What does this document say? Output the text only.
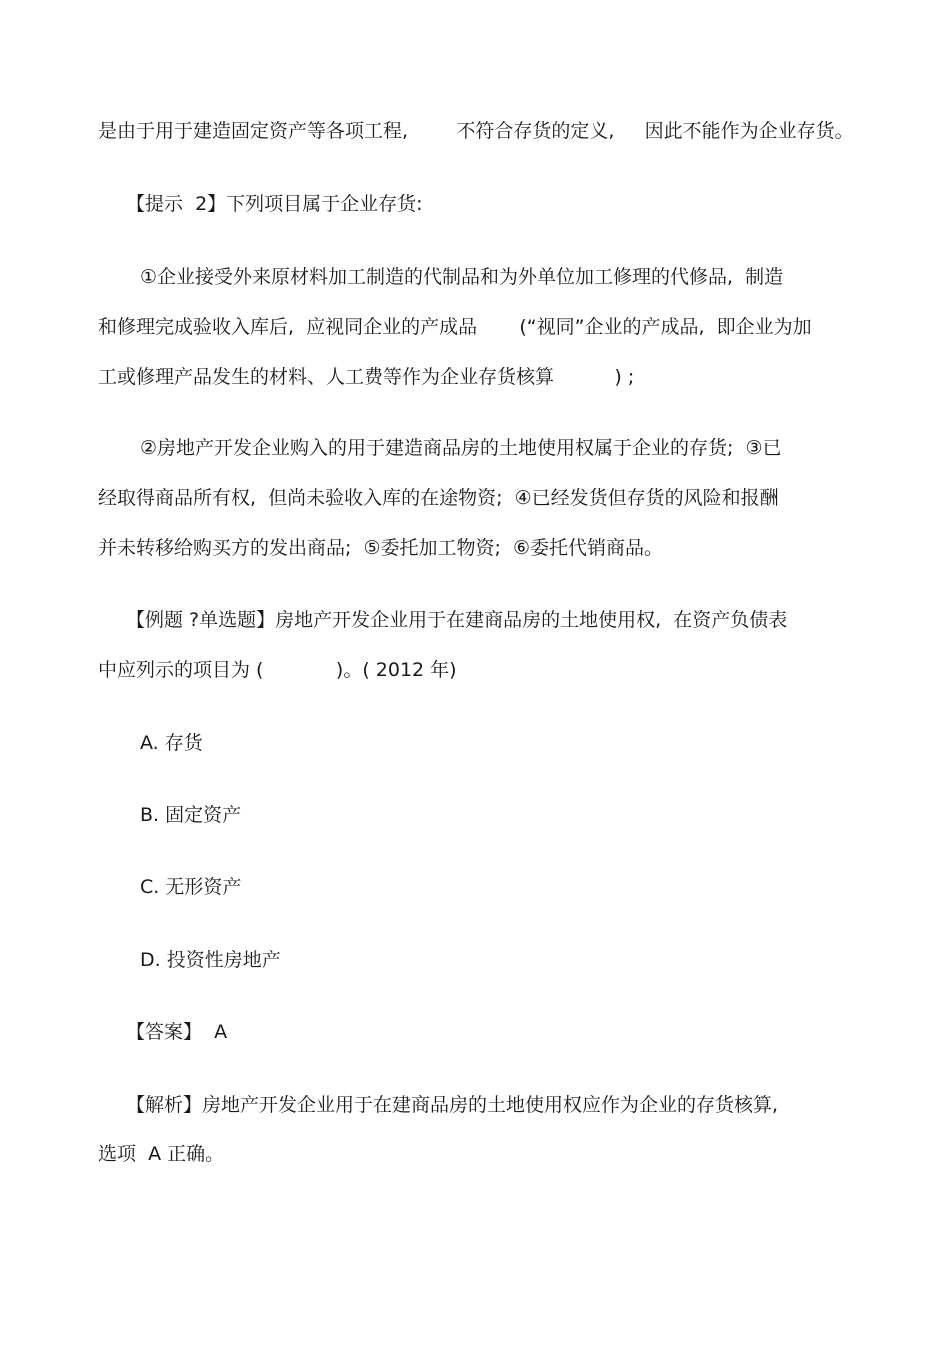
是由于用于建造固定资产等各项工程,        不符合存货的定义,     因此不能作为企业存货。

【提示  2】下列项目属于企业存货:

①企业接受外来原材料加工制造的代制品和为外单位加工修理的代修品,  制造

和修理完成验收入库后,  应视同企业的产成品       (“视同”企业的产成品,  即企业为加

工或修理产品发生的材料、人工费等作为企业存货核算          ) ;

②房地产开发企业购入的用于建造商品房的土地使用权属于企业的存货;  ③已

经取得商品所有权,  但尚未验收入库的在途物资;  ④已经发货但存货的风险和报酬

并未转移给购买方的发出商品;  ⑤委托加工物资;  ⑥委托代销商品。

【例题 ?单选题】房地产开发企业用于在建商品房的土地使用权,  在资产负债表

中应列示的项目为 (            )。( 2012 年)

A. 存货

B. 固定资产

C. 无形资产

D. 投资性房地产

【答案】  A

【解析】房地产开发企业用于在建商品房的土地使用权应作为企业的存货核算,

选项  A 正确。
